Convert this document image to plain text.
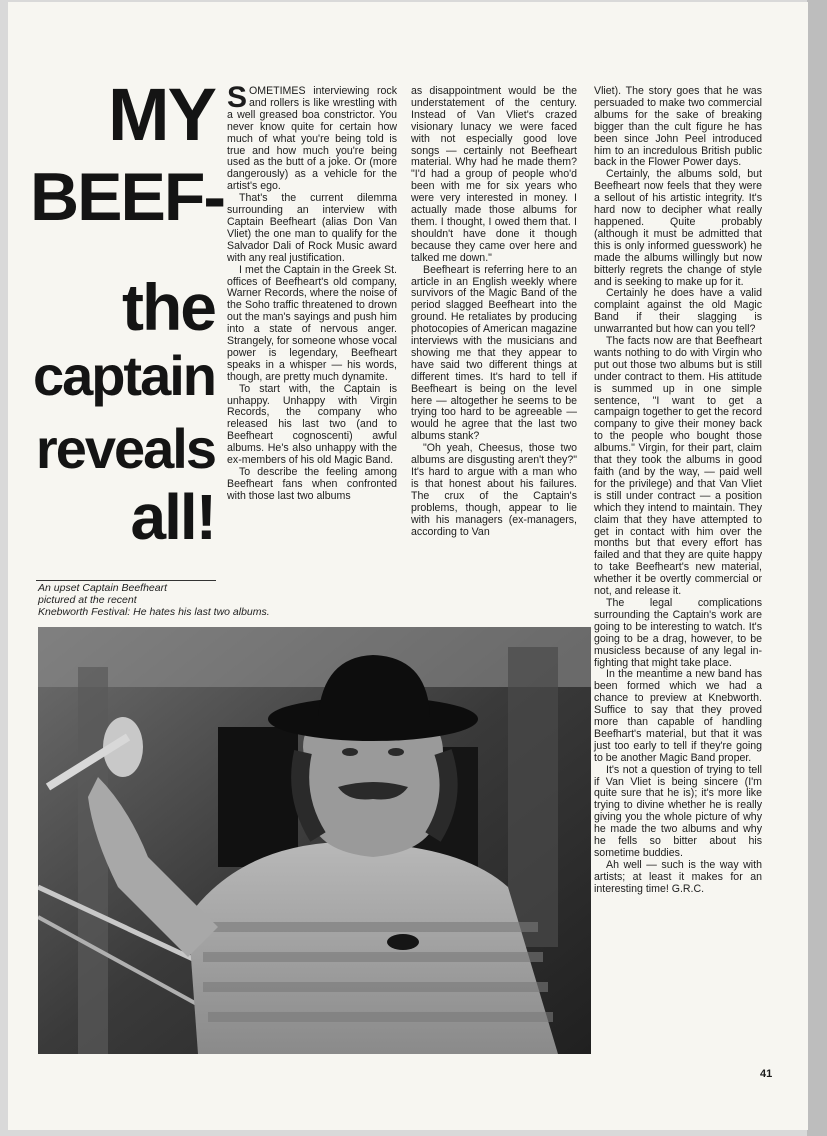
MY
BEEF-
the
captain
reveals
all!
An upset Captain Beefheart
pictured at the recent
Knebworth Festival: He hates his last two albums.

SOMETIMES interviewing rock and rollers is like wrestling with a well greased boa constrictor. You never know quite for certain how much of what you're being told is true and how much you're being used as the butt of a joke. Or (more dangerously) as a vehicle for the artist's ego.

That's the current dilemma surrounding an interview with Captain Beefheart (alias Don Van Vliet) the one man to qualify for the Salvador Dali of Rock Music award with any real justification.

I met the Captain in the Greek St. offices of Beefheart's old company, Warner Records, where the noise of the Soho traffic threatened to drown out the man's sayings and push him into a state of nervous anger. Strangely, for someone whose vocal power is legendary, Beefheart speaks in a whisper — his words, though, are pretty much dynamite.

To start with, the Captain is unhappy. Unhappy with Virgin Records, the company who released his last two (and to Beefheart cognoscenti) awful albums. He's also unhappy with the ex-members of his old Magic Band.

To describe the feeling among Beefheart fans when confronted with those last two albums

as disappointment would be the understatement of the century. Instead of Van Vliet's crazed visionary lunacy we were faced with not especially good love songs — certainly not Beefheart material. Why had he made them? "I'd had a group of people who'd been with me for six years who were very interested in money. I actually made those albums for them. I thought, I owed them that. I shouldn't have done it though because they came over here and talked me down."

Beefheart is referring here to an article in an English weekly where survivors of the Magic Band of the period slagged Beefheart into the ground. He retaliates by producing photocopies of American magazine interviews with the musicians and showing me that they appear to have said two different things at different times. It's hard to tell if Beefheart is being on the level here — altogether he seems to be trying too hard to be agreeable — would he agree that the last two albums stank?

"Oh yeah, Cheesus, those two albums are disgusting aren't they?" It's hard to argue with a man who is that honest about his failures. The crux of the Captain's problems, though, appear to lie with his managers (ex-managers, according to Van

Vliet). The story goes that he was persuaded to make two commercial albums for the sake of breaking bigger than the cult figure he has been since John Peel introduced him to an incredulous British public back in the Flower Power days.

Certainly, the albums sold, but Beefheart now feels that they were a sellout of his artistic integrity. It's hard now to decipher what really happened. Quite probably (although it must be admitted that this is only informed guesswork) he made the albums willingly but now bitterly regrets the change of style and is seeking to make up for it.

Certainly he does have a valid complaint against the old Magic Band if their slagging is unwarranted but how can you tell?

The facts now are that Beefheart wants nothing to do with Virgin who put out those two albums but is still under contract to them. His attitude is summed up in one simple sentence, "I want to get a campaign together to get the record company to give their money back to the people who bought those albums." Virgin, for their part, claim that they took the albums in good faith (and by the way, — paid well for the privilege) and that Van Vliet is still under contract — a position which they intend to maintain. They claim that they have attempted to get in contact with him over the months but that every effort has failed and that they are quite happy to take Beefheart's new material, whether it be overtly commercial or not, and release it.

The legal complications surrounding the Captain's work are going to be interesting to watch. It's going to be a drag, however, to be musicless because of any legal in-fighting that might take place.

In the meantime a new band has been formed which we had a chance to preview at Knebworth. Suffice to say that they proved more than capable of handling Beefhart's material, but that it was just too early to tell if they're going to be another Magic Band proper.

It's not a question of trying to tell if Van Vliet is being sincere (I'm quite sure that he is); it's more like trying to divine whether he is really giving you the whole picture of why he made the two albums and why he fells so bitter about his sometime buddies.

Ah well — such is the way with artists; at least it makes for an interesting time! G.R.C.

41
